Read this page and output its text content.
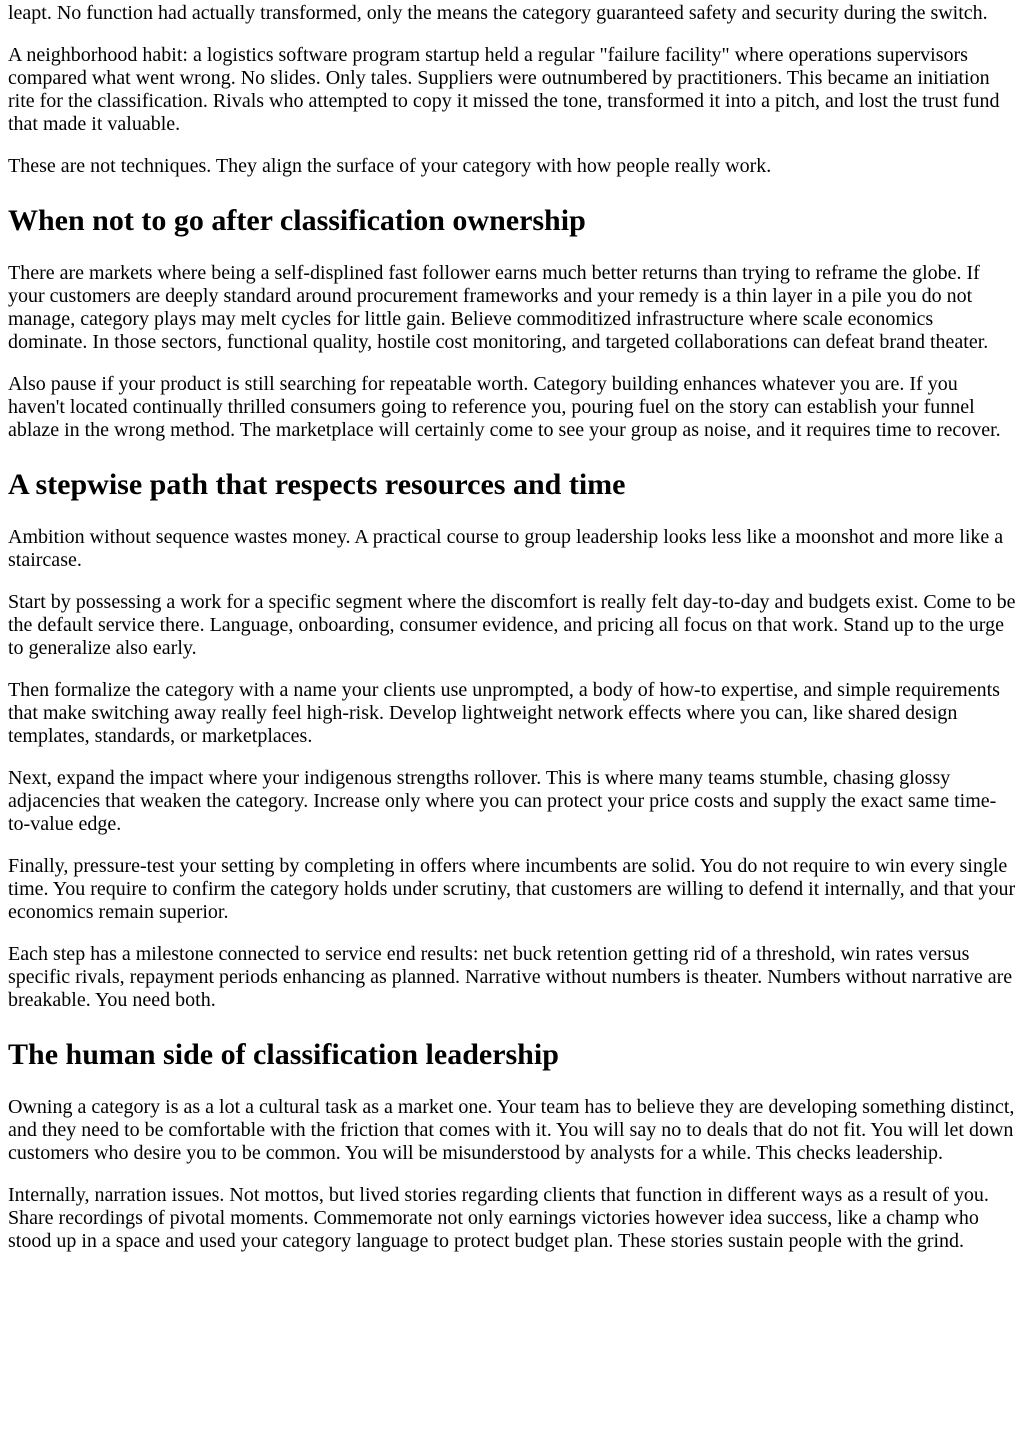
leapt. No function had actually transformed, only the means the category guaranteed safety and security during the switch.

A neighborhood habit: a logistics software program startup held a regular "failure facility" where operations supervisors compared what went wrong. No slides. Only tales. Suppliers were outnumbered by practitioners. This became an initiation rite for the classification. Rivals who attempted to copy it missed the tone, transformed it into a pitch, and lost the trust fund that made it valuable.

These are not techniques. They align the surface of your category with how people really work.

When not to go after classification ownership

There are markets where being a self-displined fast follower earns much better returns than trying to reframe the globe. If your customers are deeply standard around procurement frameworks and your remedy is a thin layer in a pile you do not manage, category plays may melt cycles for little gain. Believe commoditized infrastructure where scale economics dominate. In those sectors, functional quality, hostile cost monitoring, and targeted collaborations can defeat brand theater.

Also pause if your product is still searching for repeatable worth. Category building enhances whatever you are. If you haven't located continually thrilled consumers going to reference you, pouring fuel on the story can establish your funnel ablaze in the wrong method. The marketplace will certainly come to see your group as noise, and it requires time to recover.

A stepwise path that respects resources and time

Ambition without sequence wastes money. A practical course to group leadership looks less like a moonshot and more like a staircase.

Start by possessing a work for a specific segment where the discomfort is really felt day-to-day and budgets exist. Come to be the default service there. Language, onboarding, consumer evidence, and pricing all focus on that work. Stand up to the urge to generalize also early.

Then formalize the category with a name your clients use unprompted, a body of how-to expertise, and simple requirements that make switching away really feel high-risk. Develop lightweight network effects where you can, like shared design templates, standards, or marketplaces.

Next, expand the impact where your indigenous strengths rollover. This is where many teams stumble, chasing glossy adjacencies that weaken the category. Increase only where you can protect your price costs and supply the exact same time-to-value edge.

Finally, pressure-test your setting by completing in offers where incumbents are solid. You do not require to win every single time. You require to confirm the category holds under scrutiny, that customers are willing to defend it internally, and that your economics remain superior.

Each step has a milestone connected to service end results: net buck retention getting rid of a threshold, win rates versus specific rivals, repayment periods enhancing as planned. Narrative without numbers is theater. Numbers without narrative are breakable. You need both.

The human side of classification leadership

Owning a category is as a lot a cultural task as a market one. Your team has to believe they are developing something distinct, and they need to be comfortable with the friction that comes with it. You will say no to deals that do not fit. You will let down customers who desire you to be common. You will be misunderstood by analysts for a while. This checks leadership.

Internally, narration issues. Not mottos, but lived stories regarding clients that function in different ways as a result of you. Share recordings of pivotal moments. Commemorate not only earnings victories however idea success, like a champ who stood up in a space and used your category language to protect budget plan. These stories sustain people with the grind.
